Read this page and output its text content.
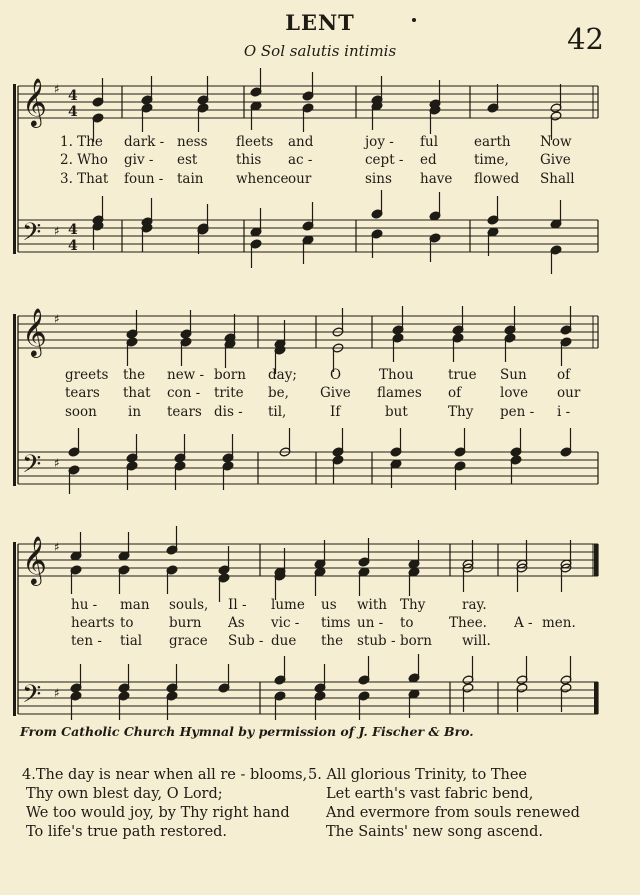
LENT
O Sol salutis intimis	42
𝄞
𝄢
♯
♯
4
4
4
4
𝄞
𝄢
♯
♯
𝄞
𝄢
♯
♯
1. The dark - ness fleets and	joy - ful	earth Now
2. Who giv - est	this ac -	cept - ed	time, Give
3. That foun - tain whence our	sins have flowed Shall
greets the new - born day; O	Thou	true Sun of
tears that con - trite be, Give flames of	love our
soon in tears dis - til,	If	but	Thy pen - i -
hu - man souls, Il - lume us with Thy	ray.
hearts to	burn As vic - tims un - to	Thee. A - men.
ten - tial grace Sub - due the stub - born will.
From Catholic Church Hymnal by permission of J. Fischer & Bro.
4.The day is near when all re - blooms,
Thy own blest day, O Lord;
We too would joy, by Thy right hand
To life's true path restored.
5. All glorious Trinity, to Thee
Let earth's vast fabric bend,
And evermore from souls renewed
The Saints' new song ascend.
